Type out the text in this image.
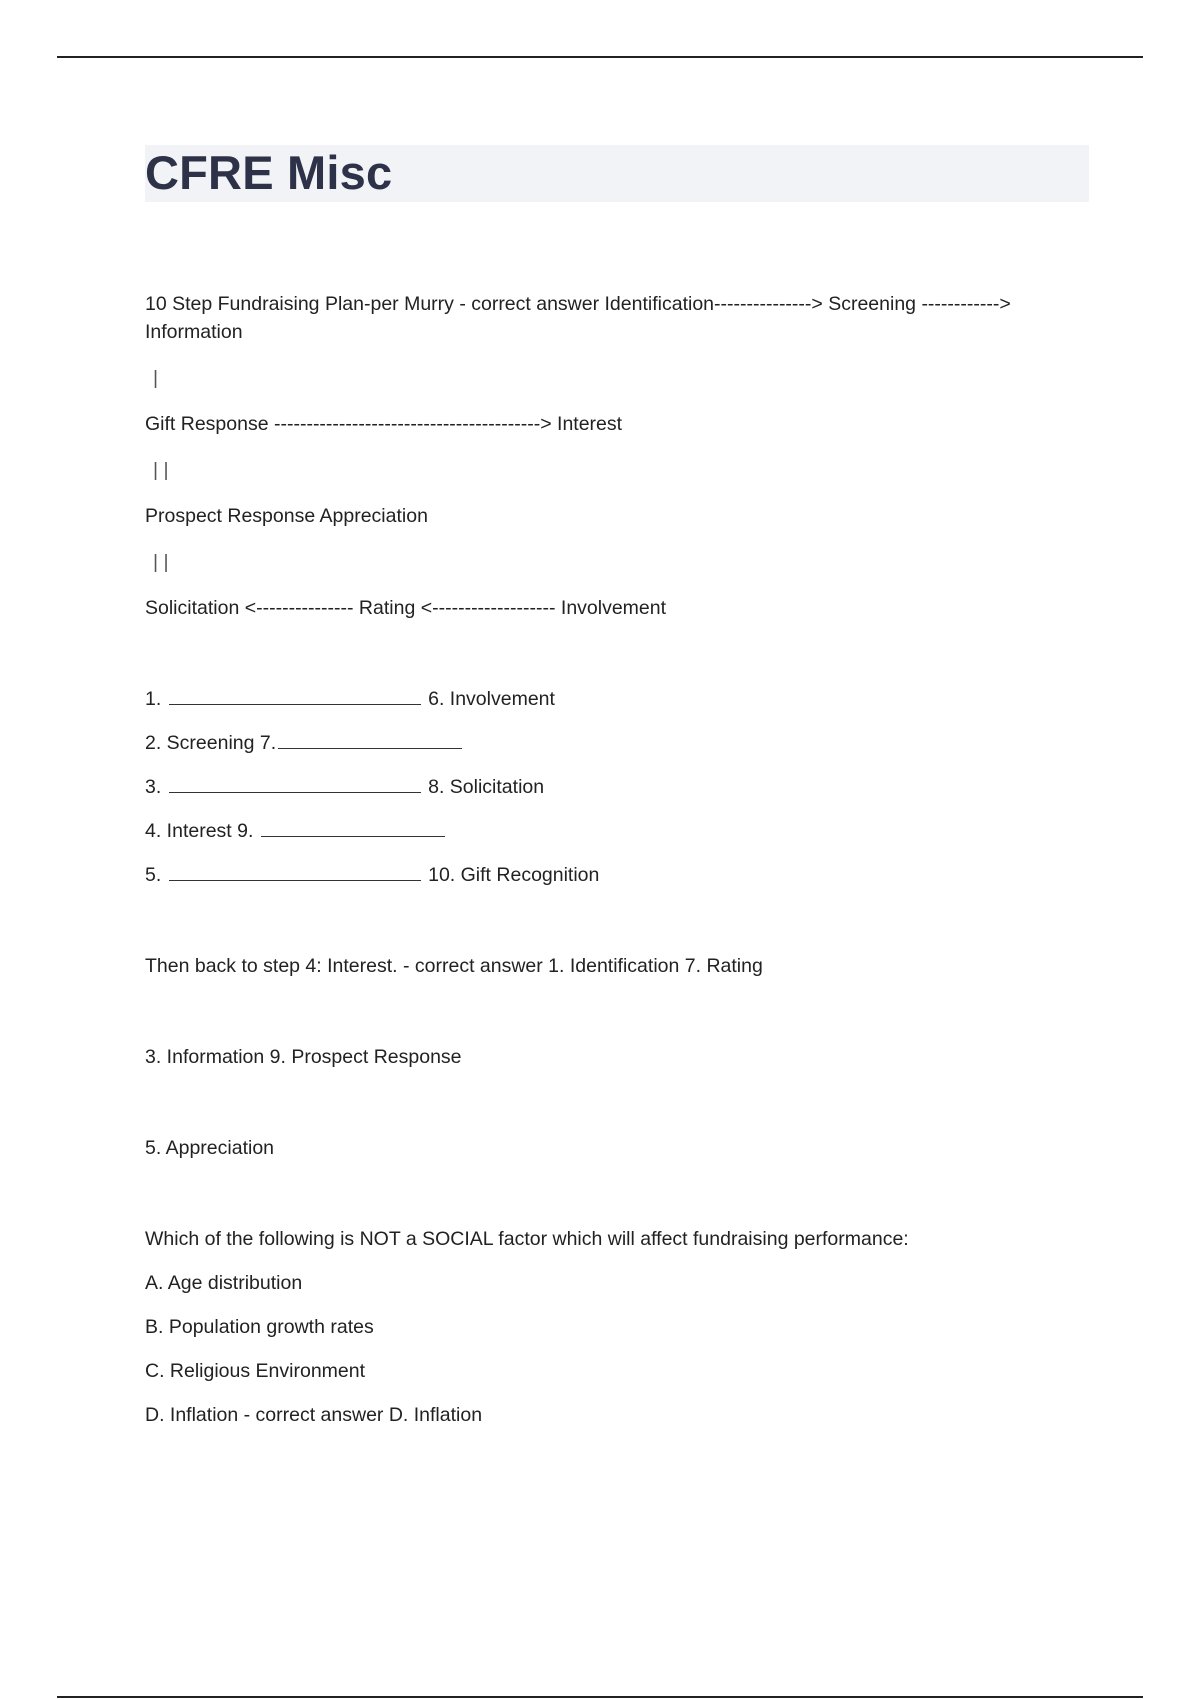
CFRE Misc

10 Step Fundraising Plan-per Murry - correct answer Identification---------------> Screening ------------> Information

|

Gift Response -----------------------------------------> Interest

| |

Prospect Response Appreciation

| |

Solicitation <--------------- Rating <------------------- Involvement

1.	6. Involvement

2. Screening 7.

3.	8. Solicitation

4. Interest 9.

5.	10. Gift Recognition

Then back to step 4: Interest. - correct answer 1. Identification 7. Rating

3. Information 9. Prospect Response

5. Appreciation

Which of the following is NOT a SOCIAL factor which will affect fundraising performance:

A. Age distribution

B. Population growth rates

C. Religious Environment

D. Inflation - correct answer D. Inflation
